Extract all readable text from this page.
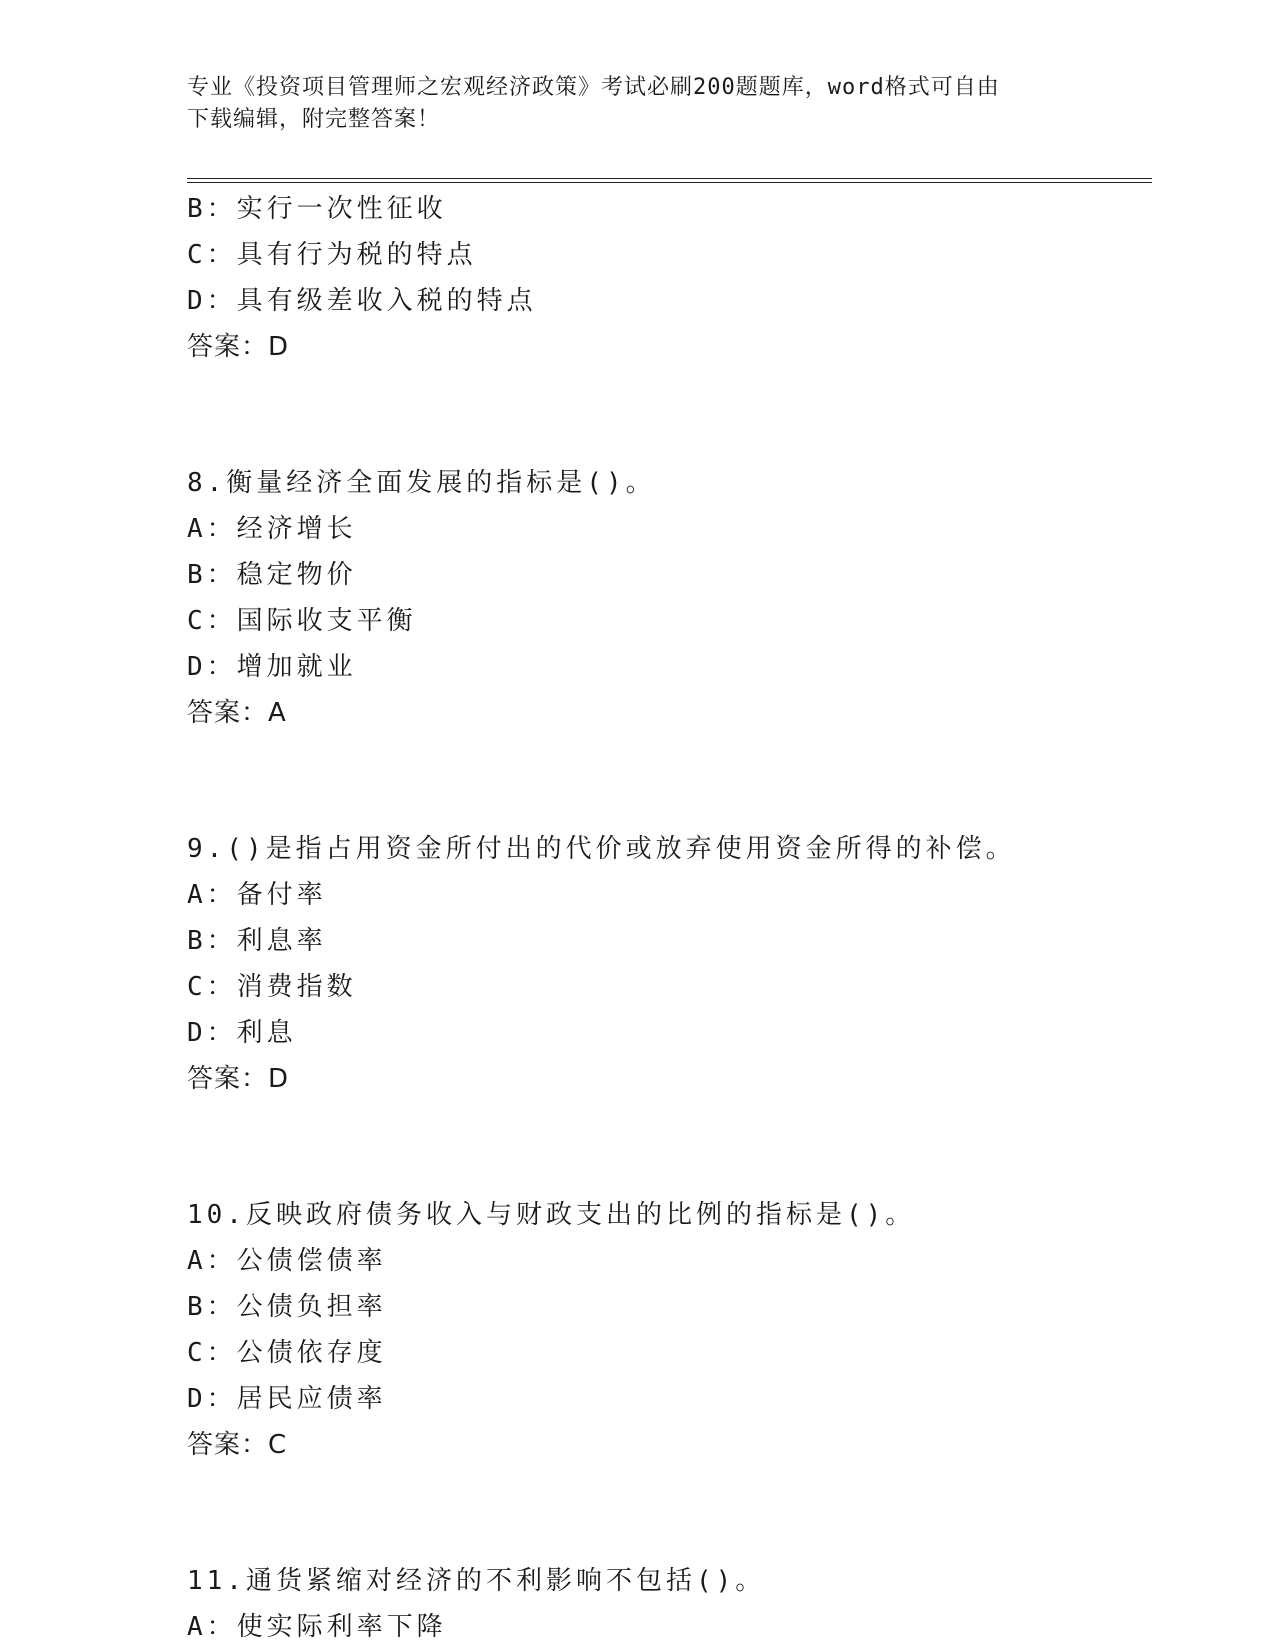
专业《投资项目管理师之宏观经济政策》考试必刷200题题库，word格式可自由
下载编辑，附完整答案！
B：实行一次性征收
C：具有行为税的特点
D：具有级差收入税的特点
答案：D
8.衡量经济全面发展的指标是()。
A：经济增长
B：稳定物价
C：国际收支平衡
D：增加就业
答案：A
9.()是指占用资金所付出的代价或放弃使用资金所得的补偿。
A：备付率
B：利息率
C：消费指数
D：利息
答案：D
10.反映政府债务收入与财政支出的比例的指标是()。
A：公债偿债率
B：公债负担率
C：公债依存度
D：居民应债率
答案：C
11.通货紧缩对经济的不利影响不包括()。
A：使实际利率下降
